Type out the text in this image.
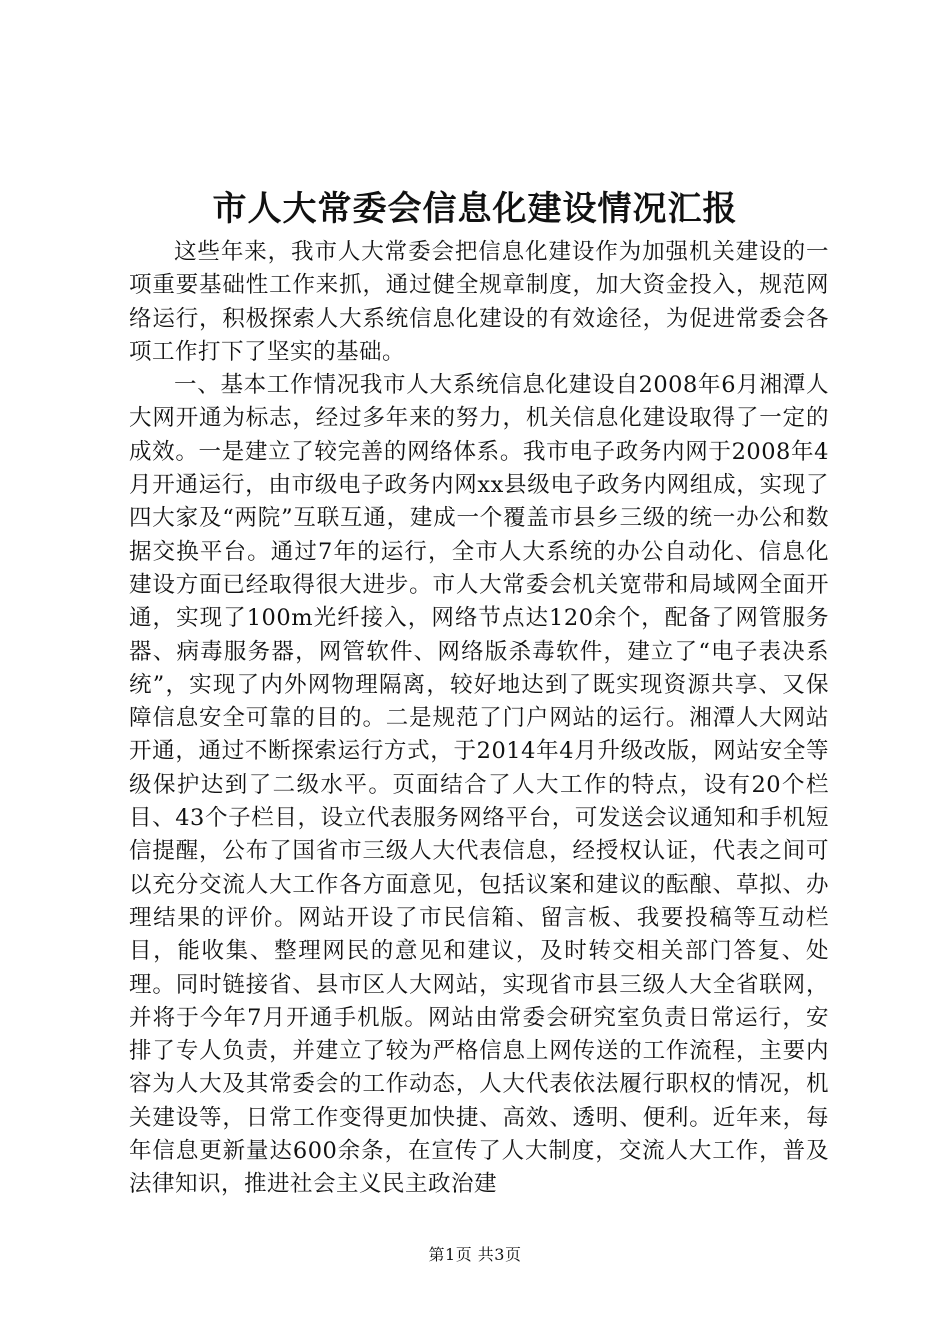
市人大常委会信息化建设情况汇报

这些年来，我市人大常委会把信息化建设作为加强机关建设的一项重要基础性工作来抓，通过健全规章制度，加大资金投入，规范网络运行，积极探索人大系统信息化建设的有效途径，为促进常委会各项工作打下了坚实的基础。

一、基本工作情况我市人大系统信息化建设自2008年6月湘潭人大网开通为标志，经过多年来的努力，机关信息化建设取得了一定的成效。一是建立了较完善的网络体系。我市电子政务内网于2008年4月开通运行，由市级电子政务内网xx县级电子政务内网组成，实现了四大家及“两院”互联互通，建成一个覆盖市县乡三级的统一办公和数据交换平台。通过7年的运行，全市人大系统的办公自动化、信息化建设方面已经取得很大进步。市人大常委会机关宽带和局域网全面开通，实现了100m光纤接入，网络节点达120余个，配备了网管服务器、病毒服务器，网管软件、网络版杀毒软件，建立了“电子表决系统”，实现了内外网物理隔离，较好地达到了既实现资源共享、又保障信息安全可靠的目的。二是规范了门户网站的运行。湘潭人大网站开通，通过不断探索运行方式，于2014年4月升级改版，网站安全等级保护达到了二级水平。页面结合了人大工作的特点，设有20个栏目、43个子栏目，设立代表服务网络平台，可发送会议通知和手机短信提醒，公布了国省市三级人大代表信息，经授权认证，代表之间可以充分交流人大工作各方面意见，包括议案和建议的酝酿、草拟、办理结果的评价。网站开设了市民信箱、留言板、我要投稿等互动栏目，能收集、整理网民的意见和建议，及时转交相关部门答复、处理。同时链接省、县市区人大网站，实现省市县三级人大全省联网，并将于今年7月开通手机版。网站由常委会研究室负责日常运行，安排了专人负责，并建立了较为严格信息上网传送的工作流程，主要内容为人大及其常委会的工作动态，人大代表依法履行职权的情况，机关建设等，日常工作变得更加快捷、高效、透明、便利。近年来，每年信息更新量达600余条，在宣传了人大制度，交流人大工作，普及法律知识，推进社会主义民主政治建

第1页 共3页
